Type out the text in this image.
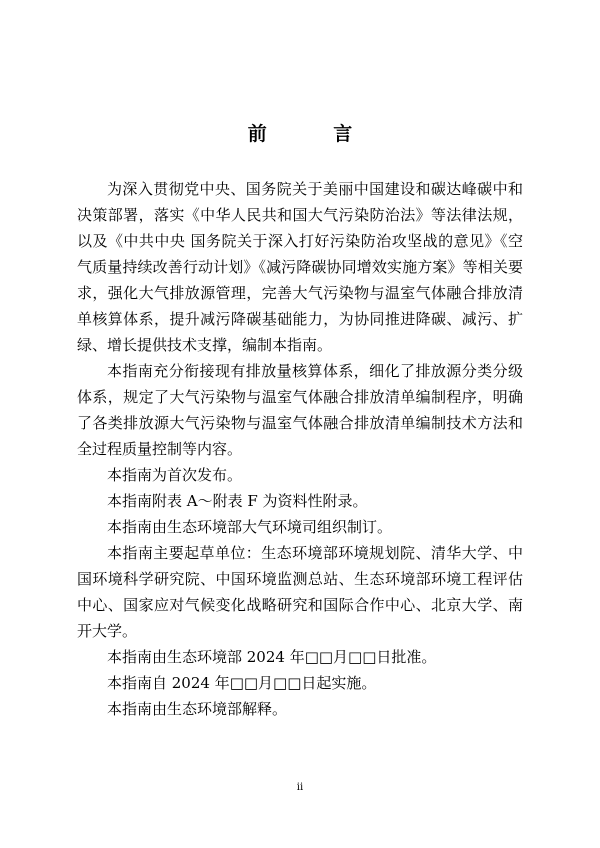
前 言

为深入贯彻党中央、国务院关于美丽中国建设和碳达峰碳中和决策部署，落实《中华人民共和国大气污染防治法》等法律法规，以及《中共中央 国务院关于深入打好污染防治攻坚战的意见》《空气质量持续改善行动计划》《减污降碳协同增效实施方案》等相关要求，强化大气排放源管理，完善大气污染物与温室气体融合排放清单核算体系，提升减污降碳基础能力，为协同推进降碳、减污、扩绿、增长提供技术支撑，编制本指南。

本指南充分衔接现有排放量核算体系，细化了排放源分类分级体系，规定了大气污染物与温室气体融合排放清单编制程序，明确了各类排放源大气污染物与温室气体融合排放清单编制技术方法和全过程质量控制等内容。

本指南为首次发布。

本指南附表 A～附表 F 为资料性附录。

本指南由生态环境部大气环境司组织制订。

本指南主要起草单位：生态环境部环境规划院、清华大学、中国环境科学研究院、中国环境监测总站、生态环境部环境工程评估中心、国家应对气候变化战略研究和国际合作中心、北京大学、南开大学。

本指南由生态环境部 2024 年□□月□□日批准。

本指南自 2024 年□□月□□日起实施。

本指南由生态环境部解释。

ii
